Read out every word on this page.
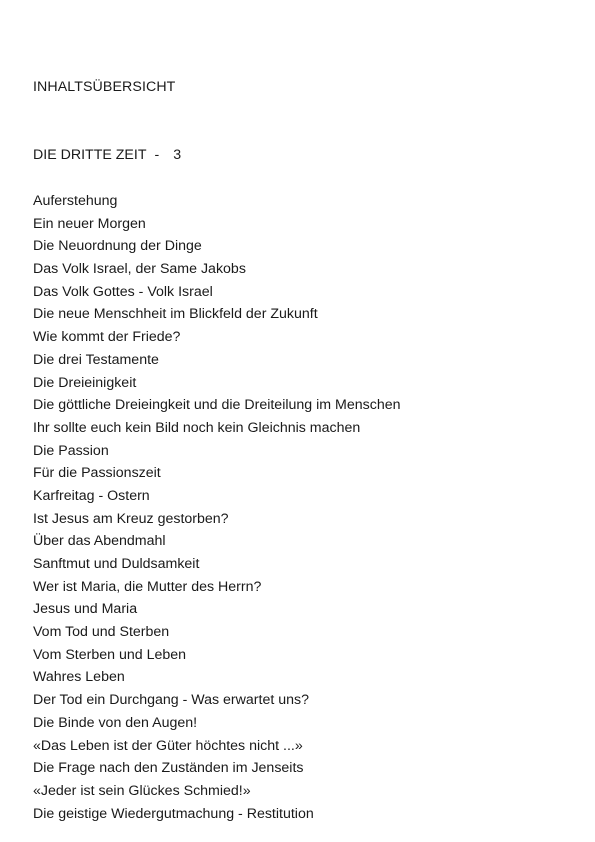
INHALTSÜBERSICHT
DIE DRITTE ZEIT - 3
Auferstehung
Ein neuer Morgen
Die Neuordnung der Dinge
Das Volk Israel, der Same Jakobs
Das Volk Gottes - Volk Israel
Die neue Menschheit im Blickfeld der Zukunft
Wie kommt der Friede?
Die drei Testamente
Die Dreieinigkeit
Die göttliche Dreieingkeit und die Dreiteilung im Menschen
Ihr sollte euch kein Bild noch kein Gleichnis machen
Die Passion
Für die Passionszeit
Karfreitag - Ostern
Ist Jesus am Kreuz gestorben?
Über das Abendmahl
Sanftmut und Duldsamkeit
Wer ist Maria, die Mutter des Herrn?
Jesus und Maria
Vom Tod und Sterben
Vom Sterben und Leben
Wahres Leben
Der Tod ein Durchgang - Was erwartet uns?
Die Binde von den Augen!
«Das Leben ist der Güter höchtes nicht ...»
Die Frage nach den Zuständen im Jenseits
«Jeder ist sein Glückes Schmied!»
Die geistige Wiedergutmachung - Restitution
